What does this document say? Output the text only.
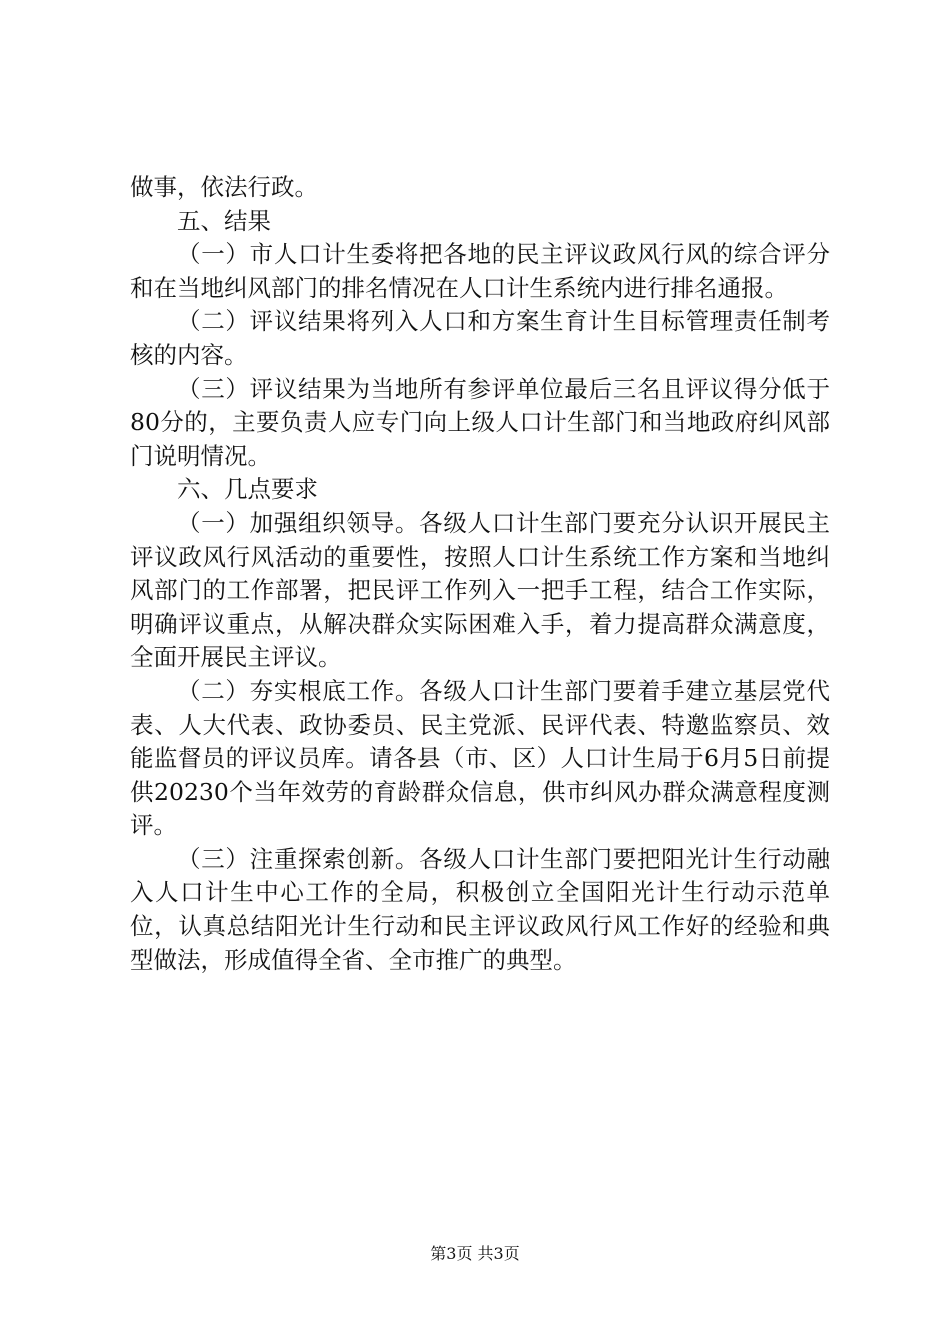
做事，依法行政。

五、结果

（一）市人口计生委将把各地的民主评议政风行风的综合评分和在当地纠风部门的排名情况在人口计生系统内进行排名通报。

（二）评议结果将列入人口和方案生育计生目标管理责任制考核的内容。

（三）评议结果为当地所有参评单位最后三名且评议得分低于80分的，主要负责人应专门向上级人口计生部门和当地政府纠风部门说明情况。

六、几点要求

（一）加强组织领导。各级人口计生部门要充分认识开展民主评议政风行风活动的重要性，按照人口计生系统工作方案和当地纠风部门的工作部署，把民评工作列入一把手工程，结合工作实际，明确评议重点，从解决群众实际困难入手，着力提高群众满意度，全面开展民主评议。

（二）夯实根底工作。各级人口计生部门要着手建立基层党代表、人大代表、政协委员、民主党派、民评代表、特邀监察员、效能监督员的评议员库。请各县（市、区）人口计生局于6月5日前提供20230个当年效劳的育龄群众信息，供市纠风办群众满意程度测评。

（三）注重探索创新。各级人口计生部门要把阳光计生行动融入人口计生中心工作的全局，积极创立全国阳光计生行动示范单位，认真总结阳光计生行动和民主评议政风行风工作好的经验和典型做法，形成值得全省、全市推广的典型。

第3页 共3页
